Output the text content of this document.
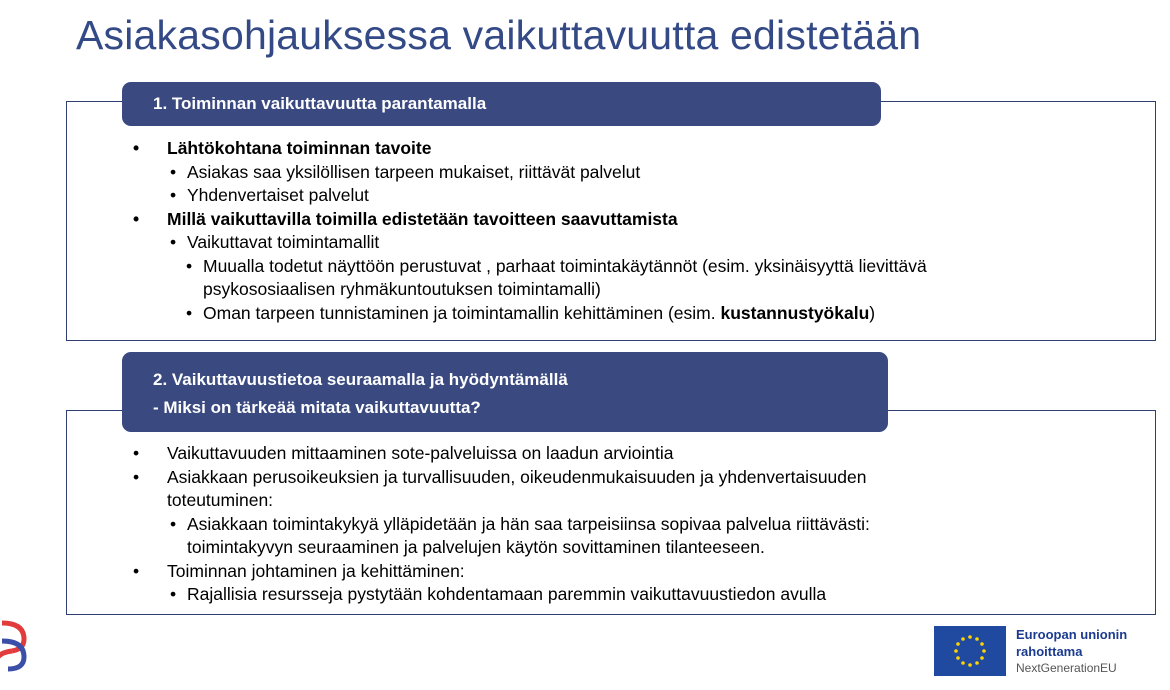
Asiakasohjauksessa vaikuttavuutta edistetään
1. Toiminnan vaikuttavuutta parantamalla
• Lähtökohtana toiminnan tavoite
• Asiakas saa yksilöllisen tarpeen mukaiset, riittävät palvelut
• Yhdenvertaiset palvelut
• Millä vaikuttavilla toimilla edistetään tavoitteen saavuttamista
• Vaikuttavat toimintamallit
• Muualla todetut näyttöön perustuvat , parhaat toimintakäytännöt (esim. yksinäisyyttä lievittävä
psykososiaalisen ryhmäkuntoutuksen toimintamalli)
• Oman tarpeen tunnistaminen ja toimintamallin kehittäminen (esim. kustannustyökalu)
2. Vaikuttavuustietoa seuraamalla ja hyödyntämällä
- Miksi on tärkeää mitata vaikuttavuutta?
• Vaikuttavuuden mittaaminen sote-palveluissa on laadun arviointia
• Asiakkaan perusoikeuksien ja turvallisuuden, oikeudenmukaisuuden ja yhdenvertaisuuden
toteutuminen:
• Asiakkaan toimintakykyä ylläpidetään ja hän saa tarpeisiinsa sopivaa palvelua riittävästi:
toimintakyvyn seuraaminen ja palvelujen käytön sovittaminen tilanteeseen.
• Toiminnan johtaminen ja kehittäminen:
• Rajallisia resursseja pystytään kohdentamaan paremmin vaikuttavuustiedon avulla
Euroopan unionin
rahoittama
NextGenerationEU
